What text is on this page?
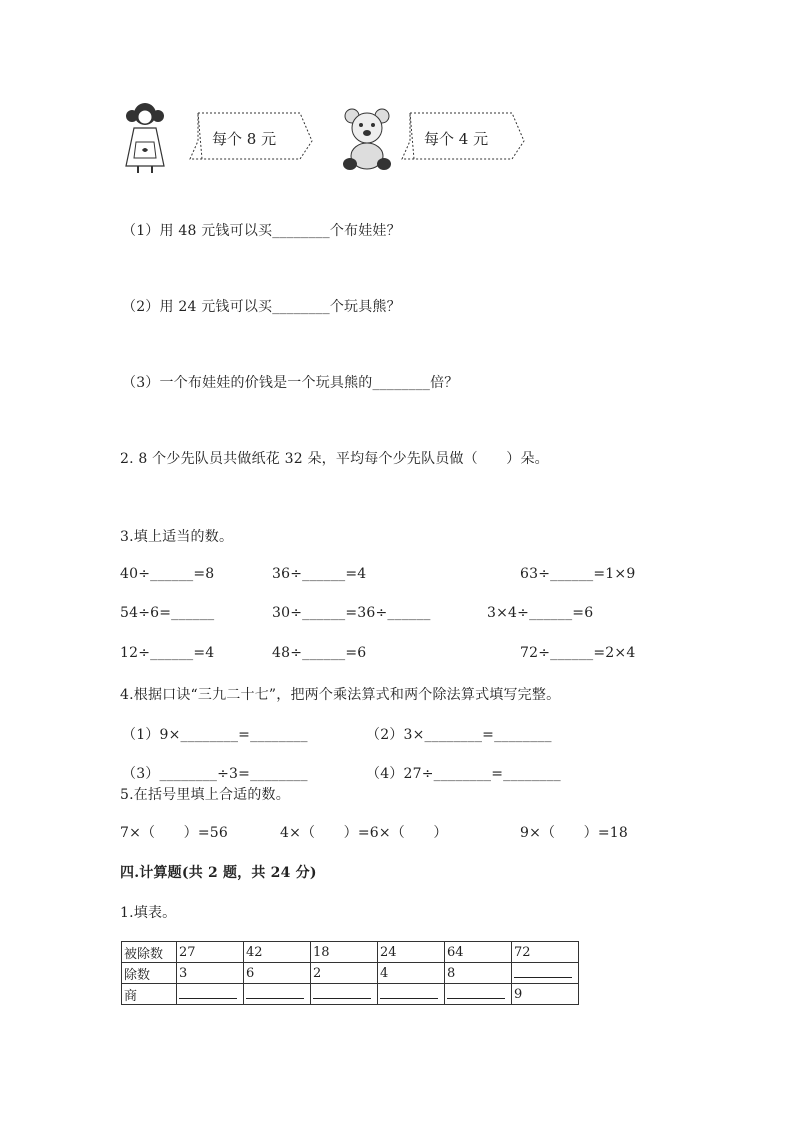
每个 8 元	每个 4 元
（1）用 48 元钱可以买________个布娃娃？
（2）用 24 元钱可以买________个玩具熊？
（3）一个布娃娃的价钱是一个玩具熊的________倍？
2. 8 个少先队员共做纸花 32 朵，平均每个少先队员做（　　）朵。
3.填上适当的数。
40÷______=8	36÷______=4	63÷______=1×9
54÷6=______	30÷______=36÷______	3×4÷______=6
12÷______=4	48÷______=6	72÷______=2×4
4.根据口诀“三九二十七”，把两个乘法算式和两个除法算式填写完整。
（1）9×________=________	（2）3×________=________
（3）________÷3=________	（4）27÷________=________
5.在括号里填上合适的数。
7×（　　）=56	4×（　　）=6×（　　）	9×（　　）=18
四.计算题(共 2 题，共 24 分)
1.填表。
被除数	27	42	18	24	64	72
除数	3	6	2	4	8	
商						9
